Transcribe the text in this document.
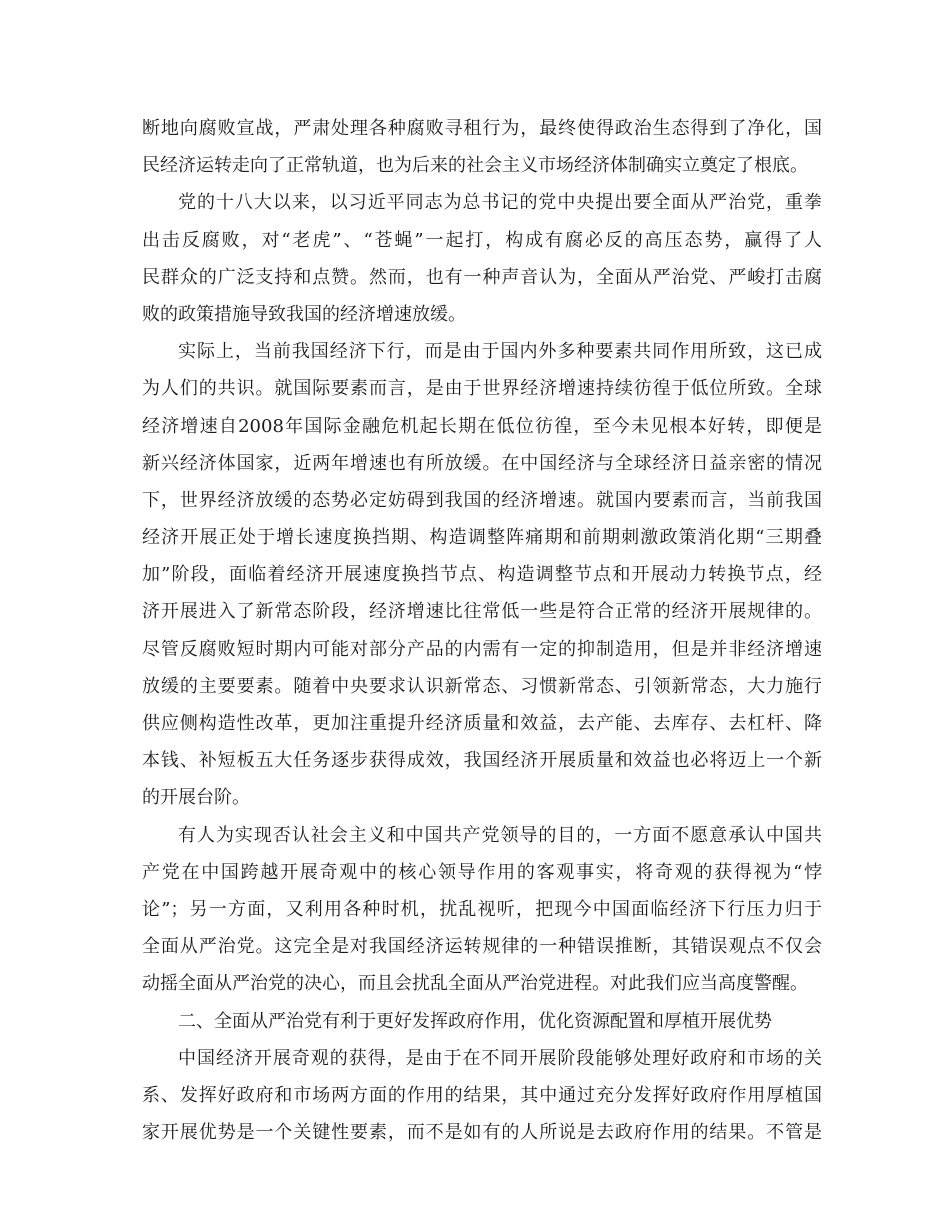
断地向腐败宣战，严肃处理各种腐败寻租行为，最终使得政治生态得到了净化，国
民经济运转走向了正常轨道，也为后来的社会主义市场经济体制确实立奠定了根底。
党的十八大以来，以习近平同志为总书记的党中央提出要全面从严治党，重拳
出击反腐败，对“老虎”、“苍蝇”一起打，构成有腐必反的高压态势，赢得了人
民群众的广泛支持和点赞。然而，也有一种声音认为，全面从严治党、严峻打击腐
败的政策措施导致我国的经济增速放缓。
实际上，当前我国经济下行，而是由于国内外多种要素共同作用所致，这已成
为人们的共识。就国际要素而言，是由于世界经济增速持续彷徨于低位所致。全球
经济增速自2008年国际金融危机起长期在低位彷徨，至今未见根本好转，即便是
新兴经济体国家，近两年增速也有所放缓。在中国经济与全球经济日益亲密的情况
下，世界经济放缓的态势必定妨碍到我国的经济增速。就国内要素而言，当前我国
经济开展正处于增长速度换挡期、构造调整阵痛期和前期刺激政策消化期“三期叠
加”阶段，面临着经济开展速度换挡节点、构造调整节点和开展动力转换节点，经
济开展进入了新常态阶段，经济增速比往常低一些是符合正常的经济开展规律的。
尽管反腐败短时期内可能对部分产品的内需有一定的抑制造用，但是并非经济增速
放缓的主要要素。随着中央要求认识新常态、习惯新常态、引领新常态，大力施行
供应侧构造性改革，更加注重提升经济质量和效益，去产能、去库存、去杠杆、降
本钱、补短板五大任务逐步获得成效，我国经济开展质量和效益也必将迈上一个新
的开展台阶。
有人为实现否认社会主义和中国共产党领导的目的，一方面不愿意承认中国共
产党在中国跨越开展奇观中的核心领导作用的客观事实，将奇观的获得视为“悖
论”；另一方面，又利用各种时机，扰乱视听，把现今中国面临经济下行压力归于
全面从严治党。这完全是对我国经济运转规律的一种错误推断，其错误观点不仅会
动摇全面从严治党的决心，而且会扰乱全面从严治党进程。对此我们应当高度警醒。
二、全面从严治党有利于更好发挥政府作用，优化资源配置和厚植开展优势
中国经济开展奇观的获得，是由于在不同开展阶段能够处理好政府和市场的关
系、发挥好政府和市场两方面的作用的结果，其中通过充分发挥好政府作用厚植国
家开展优势是一个关键性要素，而不是如有的人所说是去政府作用的结果。不管是
